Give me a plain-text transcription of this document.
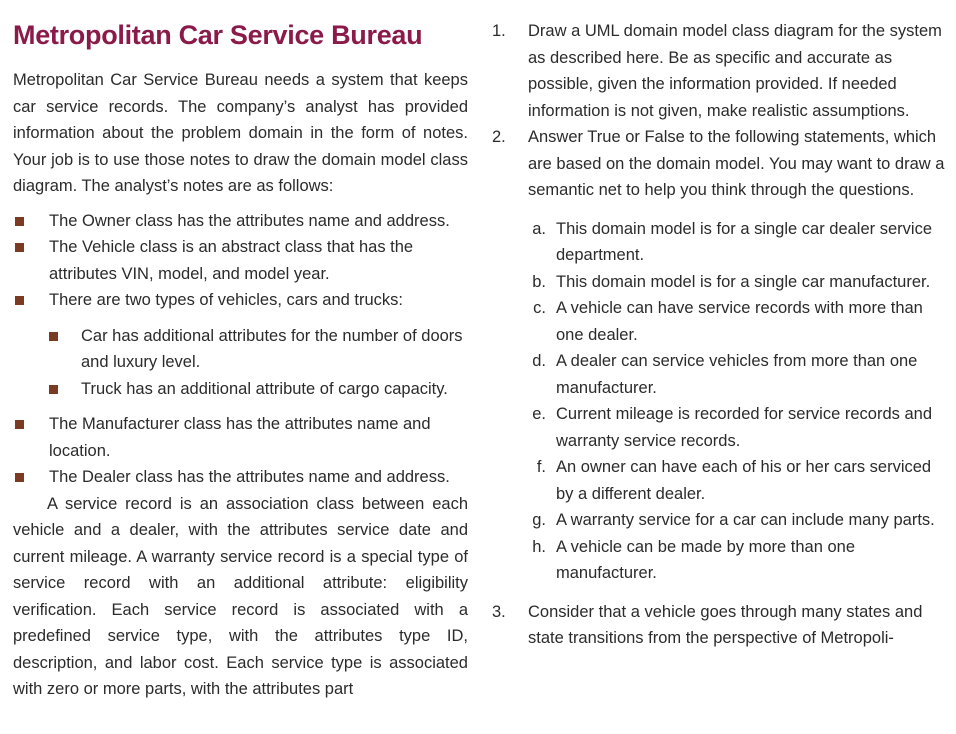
Metropolitan Car Service Bureau

Metropolitan Car Service Bureau needs a system that keeps car service records. The company’s analyst has provided information about the problem domain in the form of notes. Your job is to use those notes to draw the domain model class diagram. The analyst’s notes are as follows:

The Owner class has the attributes name and address.
The Vehicle class is an abstract class that has the attributes VIN, model, and model year.
There are two types of vehicles, cars and trucks:
Car has additional attributes for the number of doors and luxury level.
Truck has an additional attribute of cargo capacity.
The Manufacturer class has the attributes name and location.
The Dealer class has the attributes name and address.

A service record is an association class between each vehicle and a dealer, with the attributes service date and current mileage. A warranty service record is a special type of service record with an additional attribute: eligibility verification. Each service record is associated with a predefined service type, with the attributes type ID, description, and labor cost. Each service type is associated with zero or more parts, with the attributes part

1. Draw a UML domain model class diagram for the system as described here. Be as specific and accurate as possible, given the information provided. If needed information is not given, make realistic assumptions.
2. Answer True or False to the following statements, which are based on the domain model. You may want to draw a semantic net to help you think through the questions.
a. This domain model is for a single car dealer service department.
b. This domain model is for a single car manufacturer.
c. A vehicle can have service records with more than one dealer.
d. A dealer can service vehicles from more than one manufacturer.
e. Current mileage is recorded for service records and warranty service records.
f. An owner can have each of his or her cars serviced by a different dealer.
g. A warranty service for a car can include many parts.
h. A vehicle can be made by more than one manufacturer.
3. Consider that a vehicle goes through many states and state transitions from the perspective of Metropoli-
